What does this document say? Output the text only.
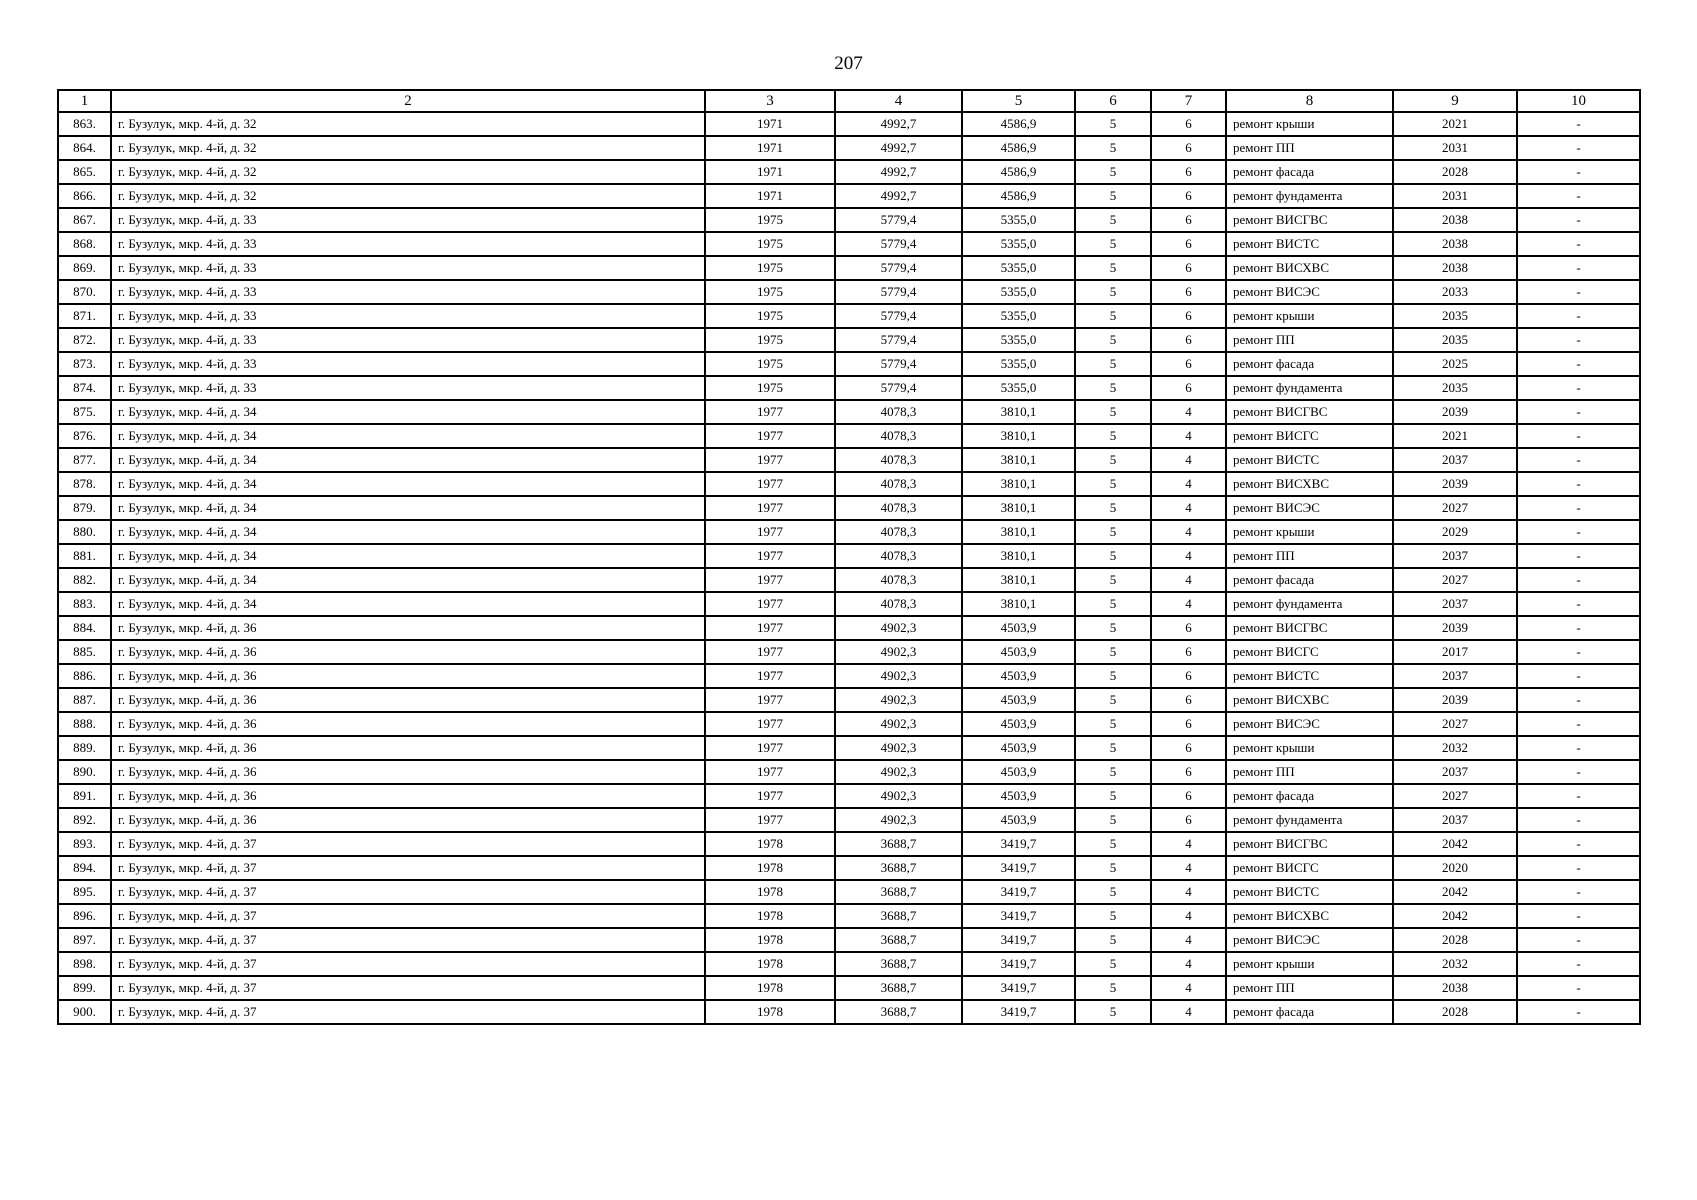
207
1	2	3	4	5	6	7	8	9	10
863.	г. Бузулук, мкр. 4-й, д. 32	1971	4992,7	4586,9	5	6	ремонт крыши	2021	-
864.	г. Бузулук, мкр. 4-й, д. 32	1971	4992,7	4586,9	5	6	ремонт ПП	2031	-
865.	г. Бузулук, мкр. 4-й, д. 32	1971	4992,7	4586,9	5	6	ремонт фасада	2028	-
866.	г. Бузулук, мкр. 4-й, д. 32	1971	4992,7	4586,9	5	6	ремонт фундамента	2031	-
867.	г. Бузулук, мкр. 4-й, д. 33	1975	5779,4	5355,0	5	6	ремонт ВИСГВС	2038	-
868.	г. Бузулук, мкр. 4-й, д. 33	1975	5779,4	5355,0	5	6	ремонт ВИСТС	2038	-
869.	г. Бузулук, мкр. 4-й, д. 33	1975	5779,4	5355,0	5	6	ремонт ВИСХВС	2038	-
870.	г. Бузулук, мкр. 4-й, д. 33	1975	5779,4	5355,0	5	6	ремонт ВИСЭС	2033	-
871.	г. Бузулук, мкр. 4-й, д. 33	1975	5779,4	5355,0	5	6	ремонт крыши	2035	-
872.	г. Бузулук, мкр. 4-й, д. 33	1975	5779,4	5355,0	5	6	ремонт ПП	2035	-
873.	г. Бузулук, мкр. 4-й, д. 33	1975	5779,4	5355,0	5	6	ремонт фасада	2025	-
874.	г. Бузулук, мкр. 4-й, д. 33	1975	5779,4	5355,0	5	6	ремонт фундамента	2035	-
875.	г. Бузулук, мкр. 4-й, д. 34	1977	4078,3	3810,1	5	4	ремонт ВИСГВС	2039	-
876.	г. Бузулук, мкр. 4-й, д. 34	1977	4078,3	3810,1	5	4	ремонт ВИСГС	2021	-
877.	г. Бузулук, мкр. 4-й, д. 34	1977	4078,3	3810,1	5	4	ремонт ВИСТС	2037	-
878.	г. Бузулук, мкр. 4-й, д. 34	1977	4078,3	3810,1	5	4	ремонт ВИСХВС	2039	-
879.	г. Бузулук, мкр. 4-й, д. 34	1977	4078,3	3810,1	5	4	ремонт ВИСЭС	2027	-
880.	г. Бузулук, мкр. 4-й, д. 34	1977	4078,3	3810,1	5	4	ремонт крыши	2029	-
881.	г. Бузулук, мкр. 4-й, д. 34	1977	4078,3	3810,1	5	4	ремонт ПП	2037	-
882.	г. Бузулук, мкр. 4-й, д. 34	1977	4078,3	3810,1	5	4	ремонт фасада	2027	-
883.	г. Бузулук, мкр. 4-й, д. 34	1977	4078,3	3810,1	5	4	ремонт фундамента	2037	-
884.	г. Бузулук, мкр. 4-й, д. 36	1977	4902,3	4503,9	5	6	ремонт ВИСГВС	2039	-
885.	г. Бузулук, мкр. 4-й, д. 36	1977	4902,3	4503,9	5	6	ремонт ВИСГС	2017	-
886.	г. Бузулук, мкр. 4-й, д. 36	1977	4902,3	4503,9	5	6	ремонт ВИСТС	2037	-
887.	г. Бузулук, мкр. 4-й, д. 36	1977	4902,3	4503,9	5	6	ремонт ВИСХВС	2039	-
888.	г. Бузулук, мкр. 4-й, д. 36	1977	4902,3	4503,9	5	6	ремонт ВИСЭС	2027	-
889.	г. Бузулук, мкр. 4-й, д. 36	1977	4902,3	4503,9	5	6	ремонт крыши	2032	-
890.	г. Бузулук, мкр. 4-й, д. 36	1977	4902,3	4503,9	5	6	ремонт ПП	2037	-
891.	г. Бузулук, мкр. 4-й, д. 36	1977	4902,3	4503,9	5	6	ремонт фасада	2027	-
892.	г. Бузулук, мкр. 4-й, д. 36	1977	4902,3	4503,9	5	6	ремонт фундамента	2037	-
893.	г. Бузулук, мкр. 4-й, д. 37	1978	3688,7	3419,7	5	4	ремонт ВИСГВС	2042	-
894.	г. Бузулук, мкр. 4-й, д. 37	1978	3688,7	3419,7	5	4	ремонт ВИСГС	2020	-
895.	г. Бузулук, мкр. 4-й, д. 37	1978	3688,7	3419,7	5	4	ремонт ВИСТС	2042	-
896.	г. Бузулук, мкр. 4-й, д. 37	1978	3688,7	3419,7	5	4	ремонт ВИСХВС	2042	-
897.	г. Бузулук, мкр. 4-й, д. 37	1978	3688,7	3419,7	5	4	ремонт ВИСЭС	2028	-
898.	г. Бузулук, мкр. 4-й, д. 37	1978	3688,7	3419,7	5	4	ремонт крыши	2032	-
899.	г. Бузулук, мкр. 4-й, д. 37	1978	3688,7	3419,7	5	4	ремонт ПП	2038	-
900.	г. Бузулук, мкр. 4-й, д. 37	1978	3688,7	3419,7	5	4	ремонт фасада	2028	-
